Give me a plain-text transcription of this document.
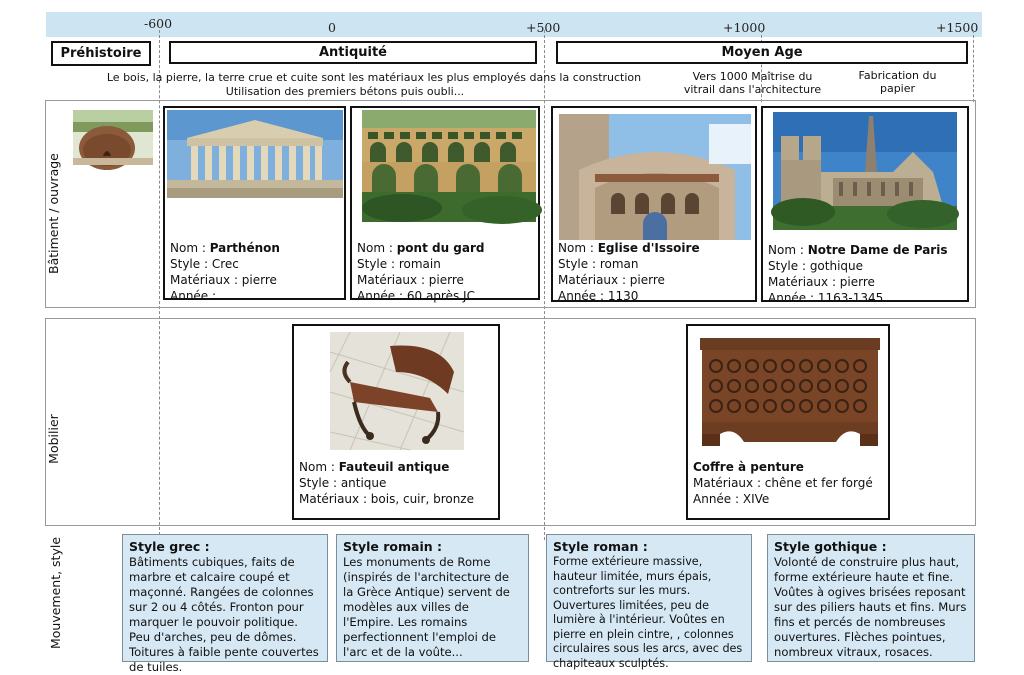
-600	0	+500	+1000	+1500
Préhistoire	Antiquité	Moyen Age
Le bois, la pierre, la terre crue et cuite sont les matériaux les plus employés dans la construction
Utilisation des premiers bétons puis oubli...
Vers 1000 Maîtrise du vitrail dans l'architecture
Fabrication du papier
Bâtiment / ouvrage
Mobilier
Mouvement, style
Nom : Parthénon
Style : Crec
Matériaux : pierre
Année :
Nom : pont du gard
Style : romain
Matériaux : pierre
Année : 60 après JC
Nom : Eglise d'Issoire
Style : roman
Matériaux : pierre
Année : 1130
Nom : Notre Dame de Paris
Style : gothique
Matériaux : pierre
Année : 1163-1345
Nom : Fauteuil antique
Style : antique
Matériaux : bois, cuir, bronze
Coffre à penture
Matériaux : chêne et fer forgé
Année : XIVe
Style grec :
Bâtiments cubiques, faits de marbre et calcaire coupé et maçonné. Rangées de colonnes sur 2 ou 4 côtés. Fronton pour marquer le pouvoir politique. Peu d'arches, peu de dômes. Toitures à faible pente couvertes de tuiles.
Style romain :
Les monuments de Rome (inspirés de l'architecture de la Grèce Antique) servent de modèles aux villes de l'Empire. Les romains perfectionnent l'emploi de l'arc et de la voûte...
Style roman :
Forme extérieure massive, hauteur limitée, murs épais, contreforts sur les murs. Ouvertures limitées, peu de lumière à l'intérieur. Voûtes en pierre en plein cintre, , colonnes circulaires sous les arcs, avec des chapiteaux sculptés.
Style gothique :
Volonté de construire plus haut, forme extérieure haute et fine. Voûtes à ogives brisées reposant sur des piliers hauts et fins. Murs fins et percés de nombreuses ouvertures. Flèches pointues, nombreux vitraux, rosaces.
